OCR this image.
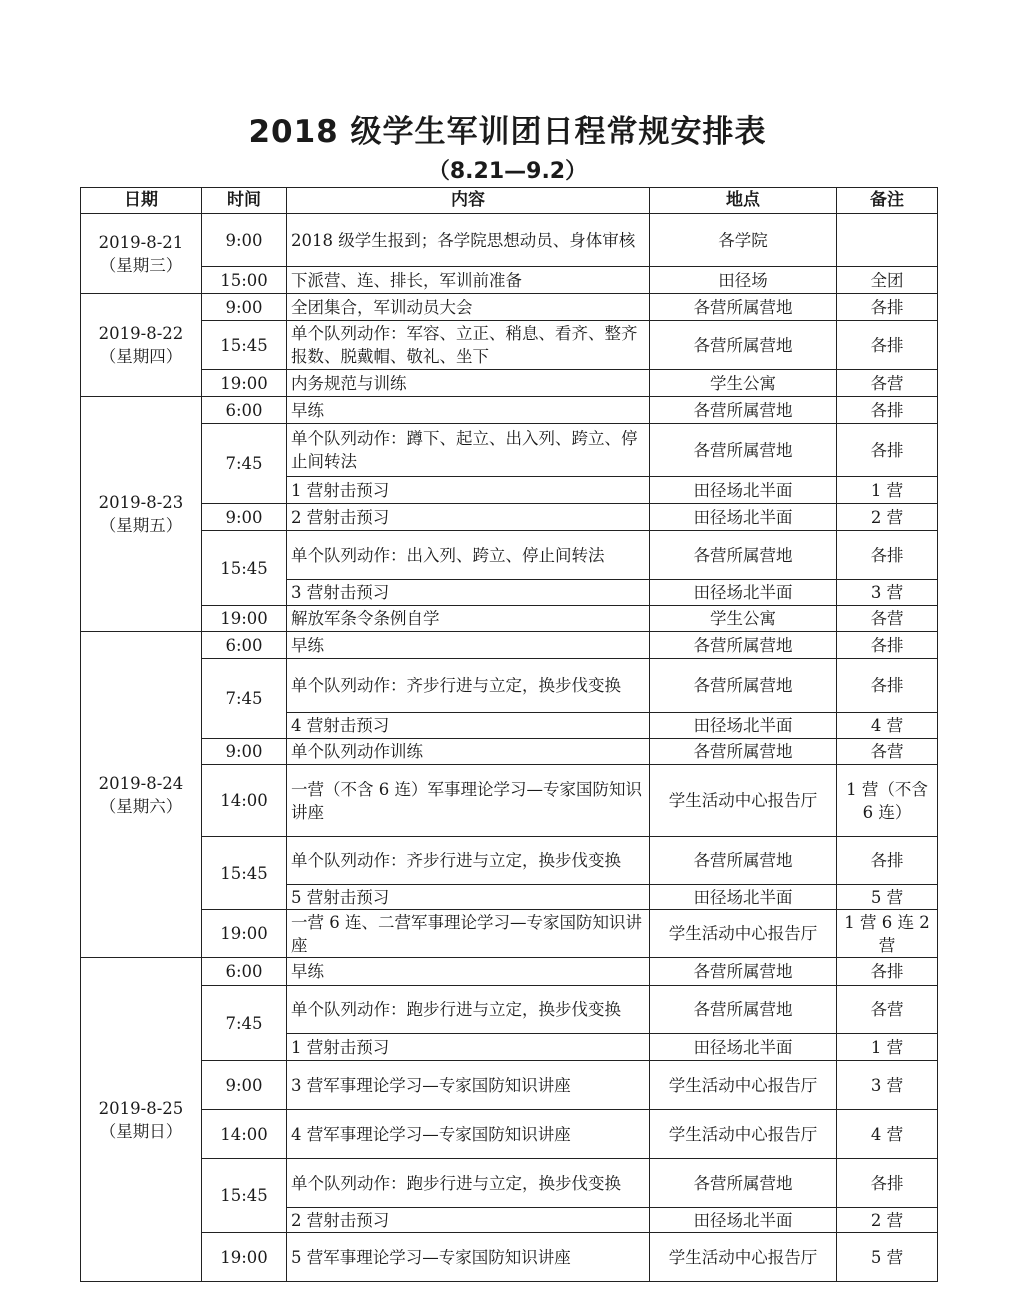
2018 级学生军训团日程常规安排表
（8.21—9.2）
日期	时间	内容	地点	备注
2019-8-21
（星期三）	9:00	2018 级学生报到；各学院思想动员、身体审核	各学院	
	15:00	下派营、连、排长，军训前准备	田径场	全团
2019-8-22
（星期四）	9:00	全团集合，军训动员大会	各营所属营地	各排
	15:45	单个队列动作：军容、立正、稍息、看齐、整齐报数、脱戴帽、敬礼、坐下	各营所属营地	各排
	19:00	内务规范与训练	学生公寓	各营
2019-8-23
（星期五）	6:00	早练	各营所属营地	各排
	7:45	单个队列动作：蹲下、起立、出入列、跨立、停止间转法	各营所属营地	各排
		1 营射击预习	田径场北半面	1 营
	9:00	2 营射击预习	田径场北半面	2 营
	15:45	单个队列动作：出入列、跨立、停止间转法	各营所属营地	各排
		3 营射击预习	田径场北半面	3 营
	19:00	解放军条令条例自学	学生公寓	各营
2019-8-24
（星期六）	6:00	早练	各营所属营地	各排
	7:45	单个队列动作：齐步行进与立定，换步伐变换	各营所属营地	各排
		4 营射击预习	田径场北半面	4 营
	9:00	单个队列动作训练	各营所属营地	各营
	14:00	一营（不含 6 连）军事理论学习—专家国防知识讲座	学生活动中心报告厅	1 营（不含 6 连）
	15:45	单个队列动作：齐步行进与立定，换步伐变换	各营所属营地	各排
		5 营射击预习	田径场北半面	5 营
	19:00	一营 6 连、二营军事理论学习—专家国防知识讲座	学生活动中心报告厅	1 营 6 连 2 营
2019-8-25
（星期日）	6:00	早练	各营所属营地	各排
	7:45	单个队列动作：跑步行进与立定，换步伐变换	各营所属营地	各营
		1 营射击预习	田径场北半面	1 营
	9:00	3 营军事理论学习—专家国防知识讲座	学生活动中心报告厅	3 营
	14:00	4 营军事理论学习—专家国防知识讲座	学生活动中心报告厅	4 营
	15:45	单个队列动作：跑步行进与立定，换步伐变换	各营所属营地	各排
		2 营射击预习	田径场北半面	2 营
	19:00	5 营军事理论学习—专家国防知识讲座	学生活动中心报告厅	5 营
